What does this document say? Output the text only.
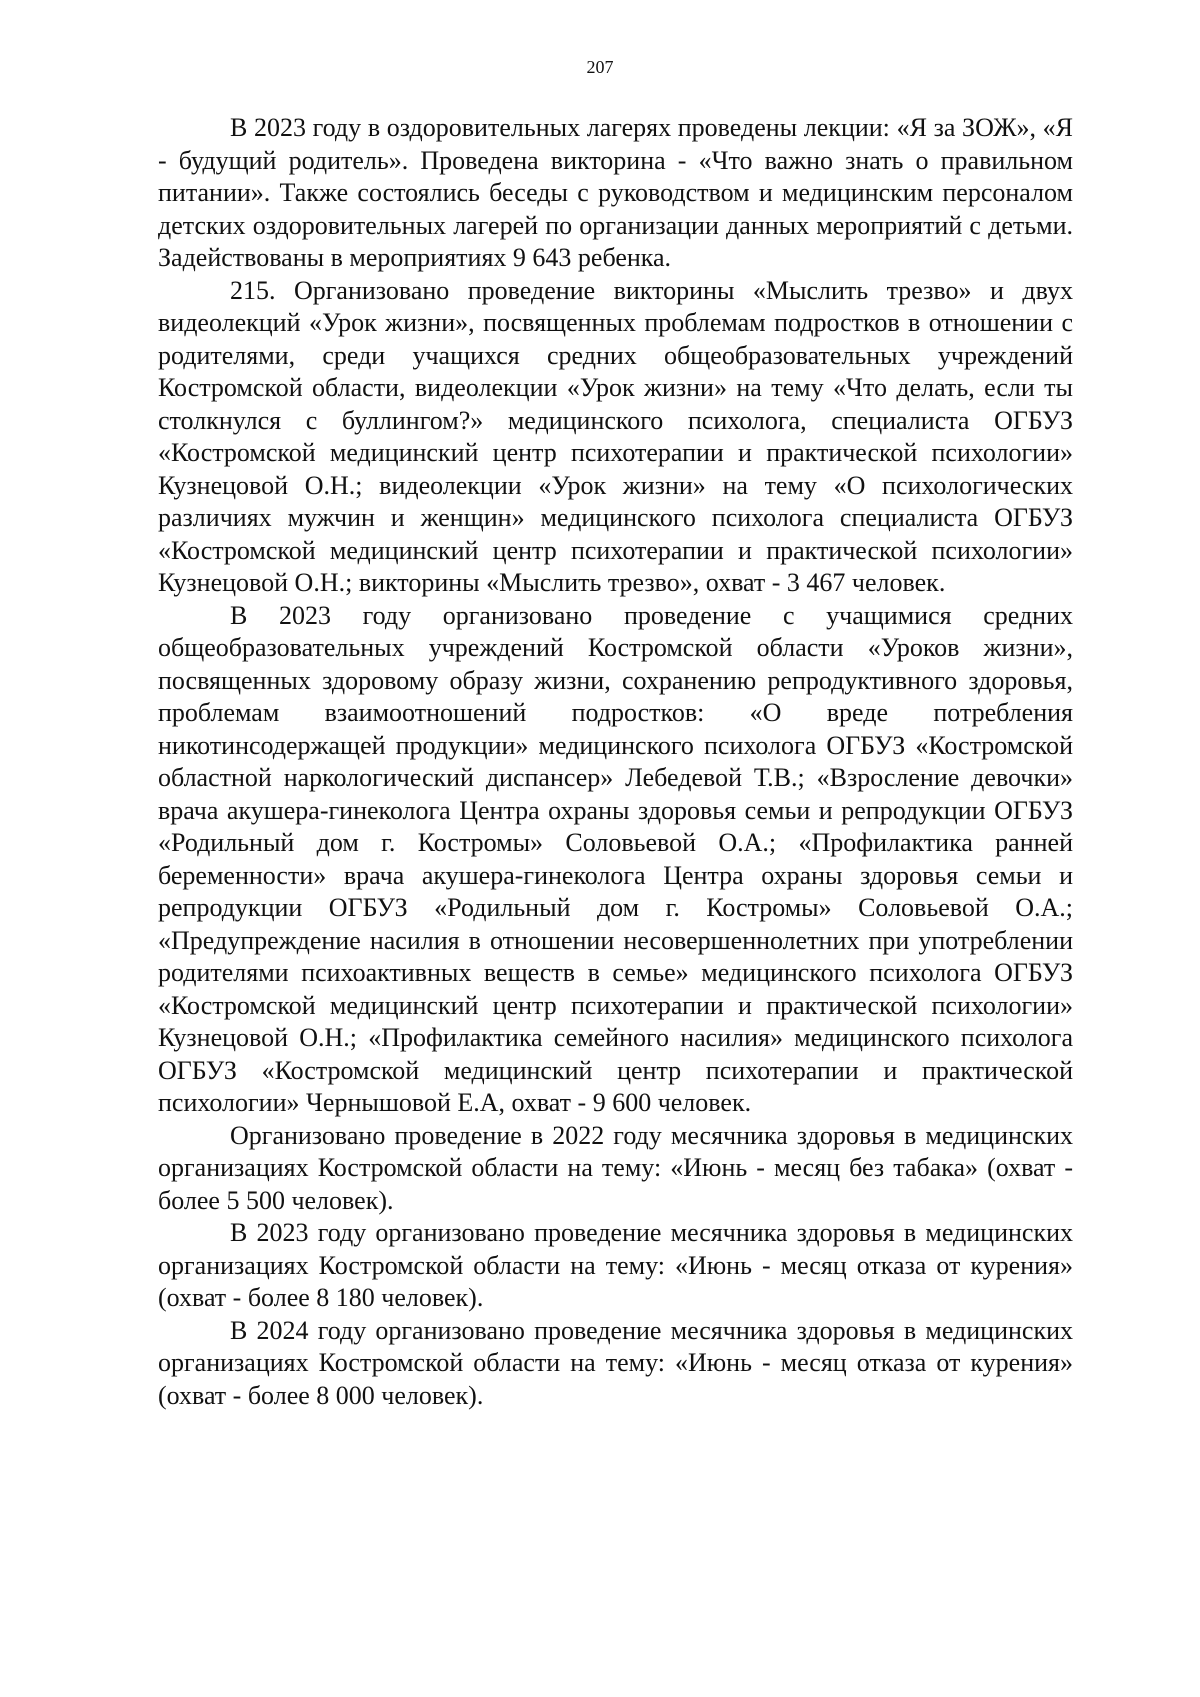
207

В 2023 году в оздоровительных лагерях проведены лекции: «Я за ЗОЖ», «Я - будущий родитель». Проведена викторина - «Что важно знать о правильном питании». Также состоялись беседы с руководством и медицинским персоналом детских оздоровительных лагерей по организации данных мероприятий с детьми. Задействованы в мероприятиях 9 643 ребенка.

215. Организовано проведение викторины «Мыслить трезво» и двух видеолекций «Урок жизни», посвященных проблемам подростков в отношении с родителями, среди учащихся средних общеобразовательных учреждений Костромской области, видеолекции «Урок жизни» на тему «Что делать, если ты столкнулся с буллингом?» медицинского психолога, специалиста ОГБУЗ «Костромской медицинский центр психотерапии и практической психологии» Кузнецовой О.Н.; видеолекции «Урок жизни» на тему «О психологических различиях мужчин и женщин» медицинского психолога специалиста ОГБУЗ «Костромской медицинский центр психотерапии и практической психологии» Кузнецовой О.Н.; викторины «Мыслить трезво», охват - 3 467 человек.

В 2023 году организовано проведение с учащимися средних общеобразовательных учреждений Костромской области «Уроков жизни», посвященных здоровому образу жизни, сохранению репродуктивного здоровья, проблемам взаимоотношений подростков: «О вреде потребления никотинсодержащей продукции» медицинского психолога ОГБУЗ «Костромской областной наркологический диспансер» Лебедевой Т.В.; «Взросление девочки» врача акушера-гинеколога Центра охраны здоровья семьи и репродукции ОГБУЗ «Родильный дом г. Костромы» Соловьевой О.А.; «Профилактика ранней беременности» врача акушера-гинеколога Центра охраны здоровья семьи и репродукции ОГБУЗ «Родильный дом г. Костромы» Соловьевой О.А.; «Предупреждение насилия в отношении несовершеннолетних при употреблении родителями психоактивных веществ в семье» медицинского психолога ОГБУЗ «Костромской медицинский центр психотерапии и практической психологии» Кузнецовой О.Н.; «Профилактика семейного насилия» медицинского психолога ОГБУЗ «Костромской медицинский центр психотерапии и практической психологии» Чернышовой Е.А, охват - 9 600 человек.

Организовано проведение в 2022 году месячника здоровья в медицинских организациях Костромской области на тему: «Июнь - месяц без табака» (охват - более 5 500 человек).

В 2023 году организовано проведение месячника здоровья в медицинских организациях Костромской области на тему: «Июнь - месяц отказа от курения» (охват - более 8 180 человек).

В 2024 году организовано проведение месячника здоровья в медицинских организациях Костромской области на тему: «Июнь - месяц отказа от курения» (охват - более 8 000 человек).
